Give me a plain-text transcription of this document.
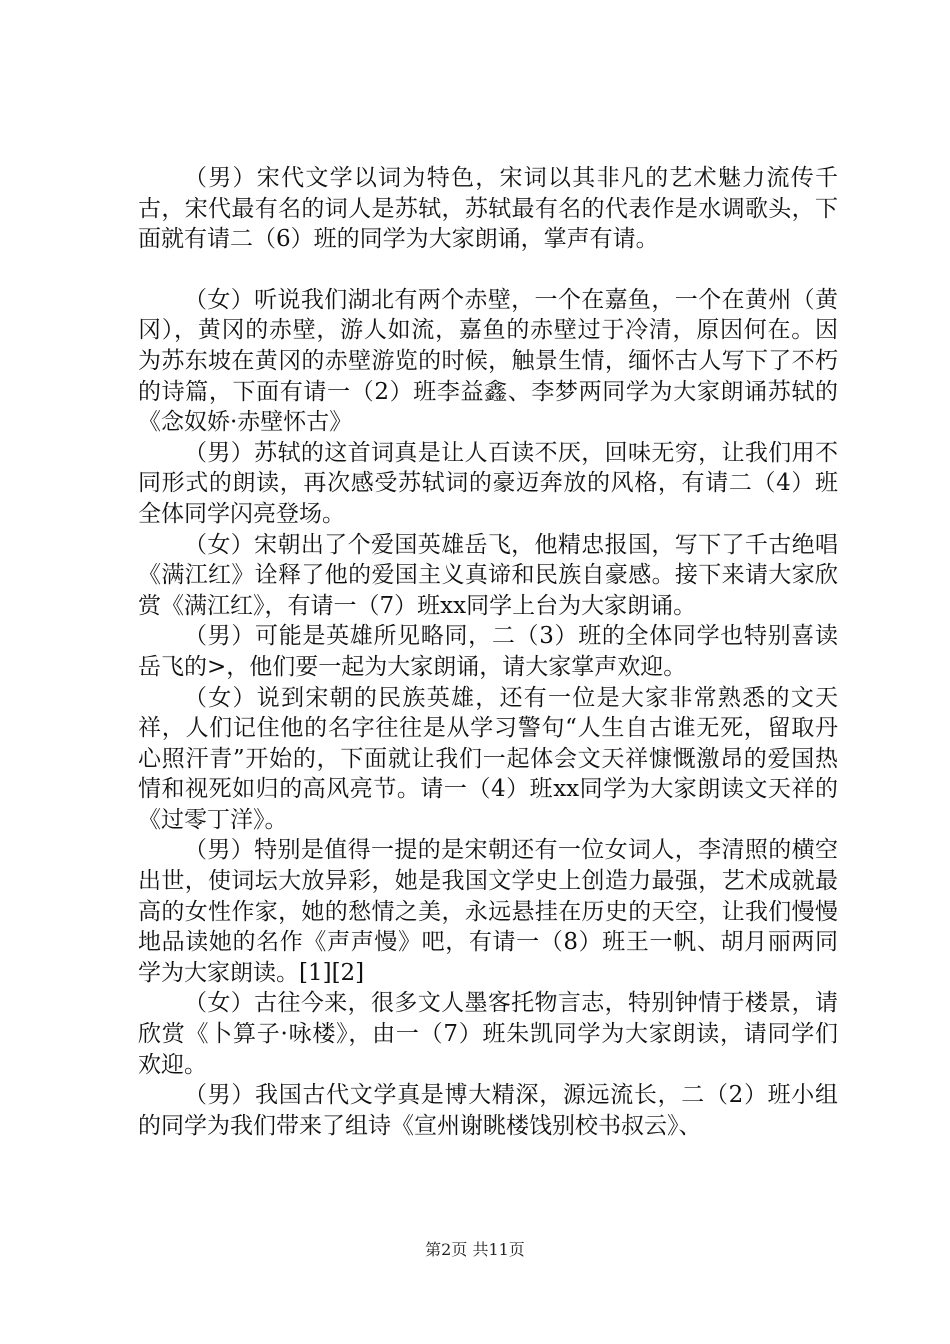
（男）宋代文学以词为特色，宋词以其非凡的艺术魅力流传千古，宋代最有名的词人是苏轼，苏轼最有名的代表作是水调歌头，下面就有请二（6）班的同学为大家朗诵，掌声有请。

（女）听说我们湖北有两个赤壁，一个在嘉鱼，一个在黄州（黄冈），黄冈的赤壁，游人如流，嘉鱼的赤壁过于冷清，原因何在。因为苏东坡在黄冈的赤壁游览的时候，触景生情，缅怀古人写下了不朽的诗篇，下面有请一（2）班李益鑫、李梦两同学为大家朗诵苏轼的《念奴娇·赤壁怀古》

（男）苏轼的这首词真是让人百读不厌，回味无穷，让我们用不同形式的朗读，再次感受苏轼词的豪迈奔放的风格，有请二（4）班全体同学闪亮登场。

（女）宋朝出了个爱国英雄岳飞，他精忠报国，写下了千古绝唱《满江红》诠释了他的爱国主义真谛和民族自豪感。接下来请大家欣赏《满江红》，有请一（7）班xx同学上台为大家朗诵。

（男）可能是英雄所见略同，二（3）班的全体同学也特别喜读岳飞的>，他们要一起为大家朗诵，请大家掌声欢迎。

（女）说到宋朝的民族英雄，还有一位是大家非常熟悉的文天祥，人们记住他的名字往往是从学习警句“人生自古谁无死，留取丹心照汗青”开始的，下面就让我们一起体会文天祥慷慨激昂的爱国热情和视死如归的高风亮节。请一（4）班xx同学为大家朗读文天祥的《过零丁洋》。

（男）特别是值得一提的是宋朝还有一位女词人，李清照的横空出世，使词坛大放异彩，她是我国文学史上创造力最强，艺术成就最高的女性作家，她的愁情之美，永远悬挂在历史的天空，让我们慢慢地品读她的名作《声声慢》吧，有请一（8）班王一帆、胡月丽两同学为大家朗读。[1][2]

（女）古往今来，很多文人墨客托物言志，特别钟情于楼景，请欣赏《卜算子·咏楼》，由一（7）班朱凯同学为大家朗读，请同学们欢迎。

（男）我国古代文学真是博大精深，源远流长，二（2）班小组的同学为我们带来了组诗《宣州谢眺楼饯别校书叔云》、

第2页 共11页
